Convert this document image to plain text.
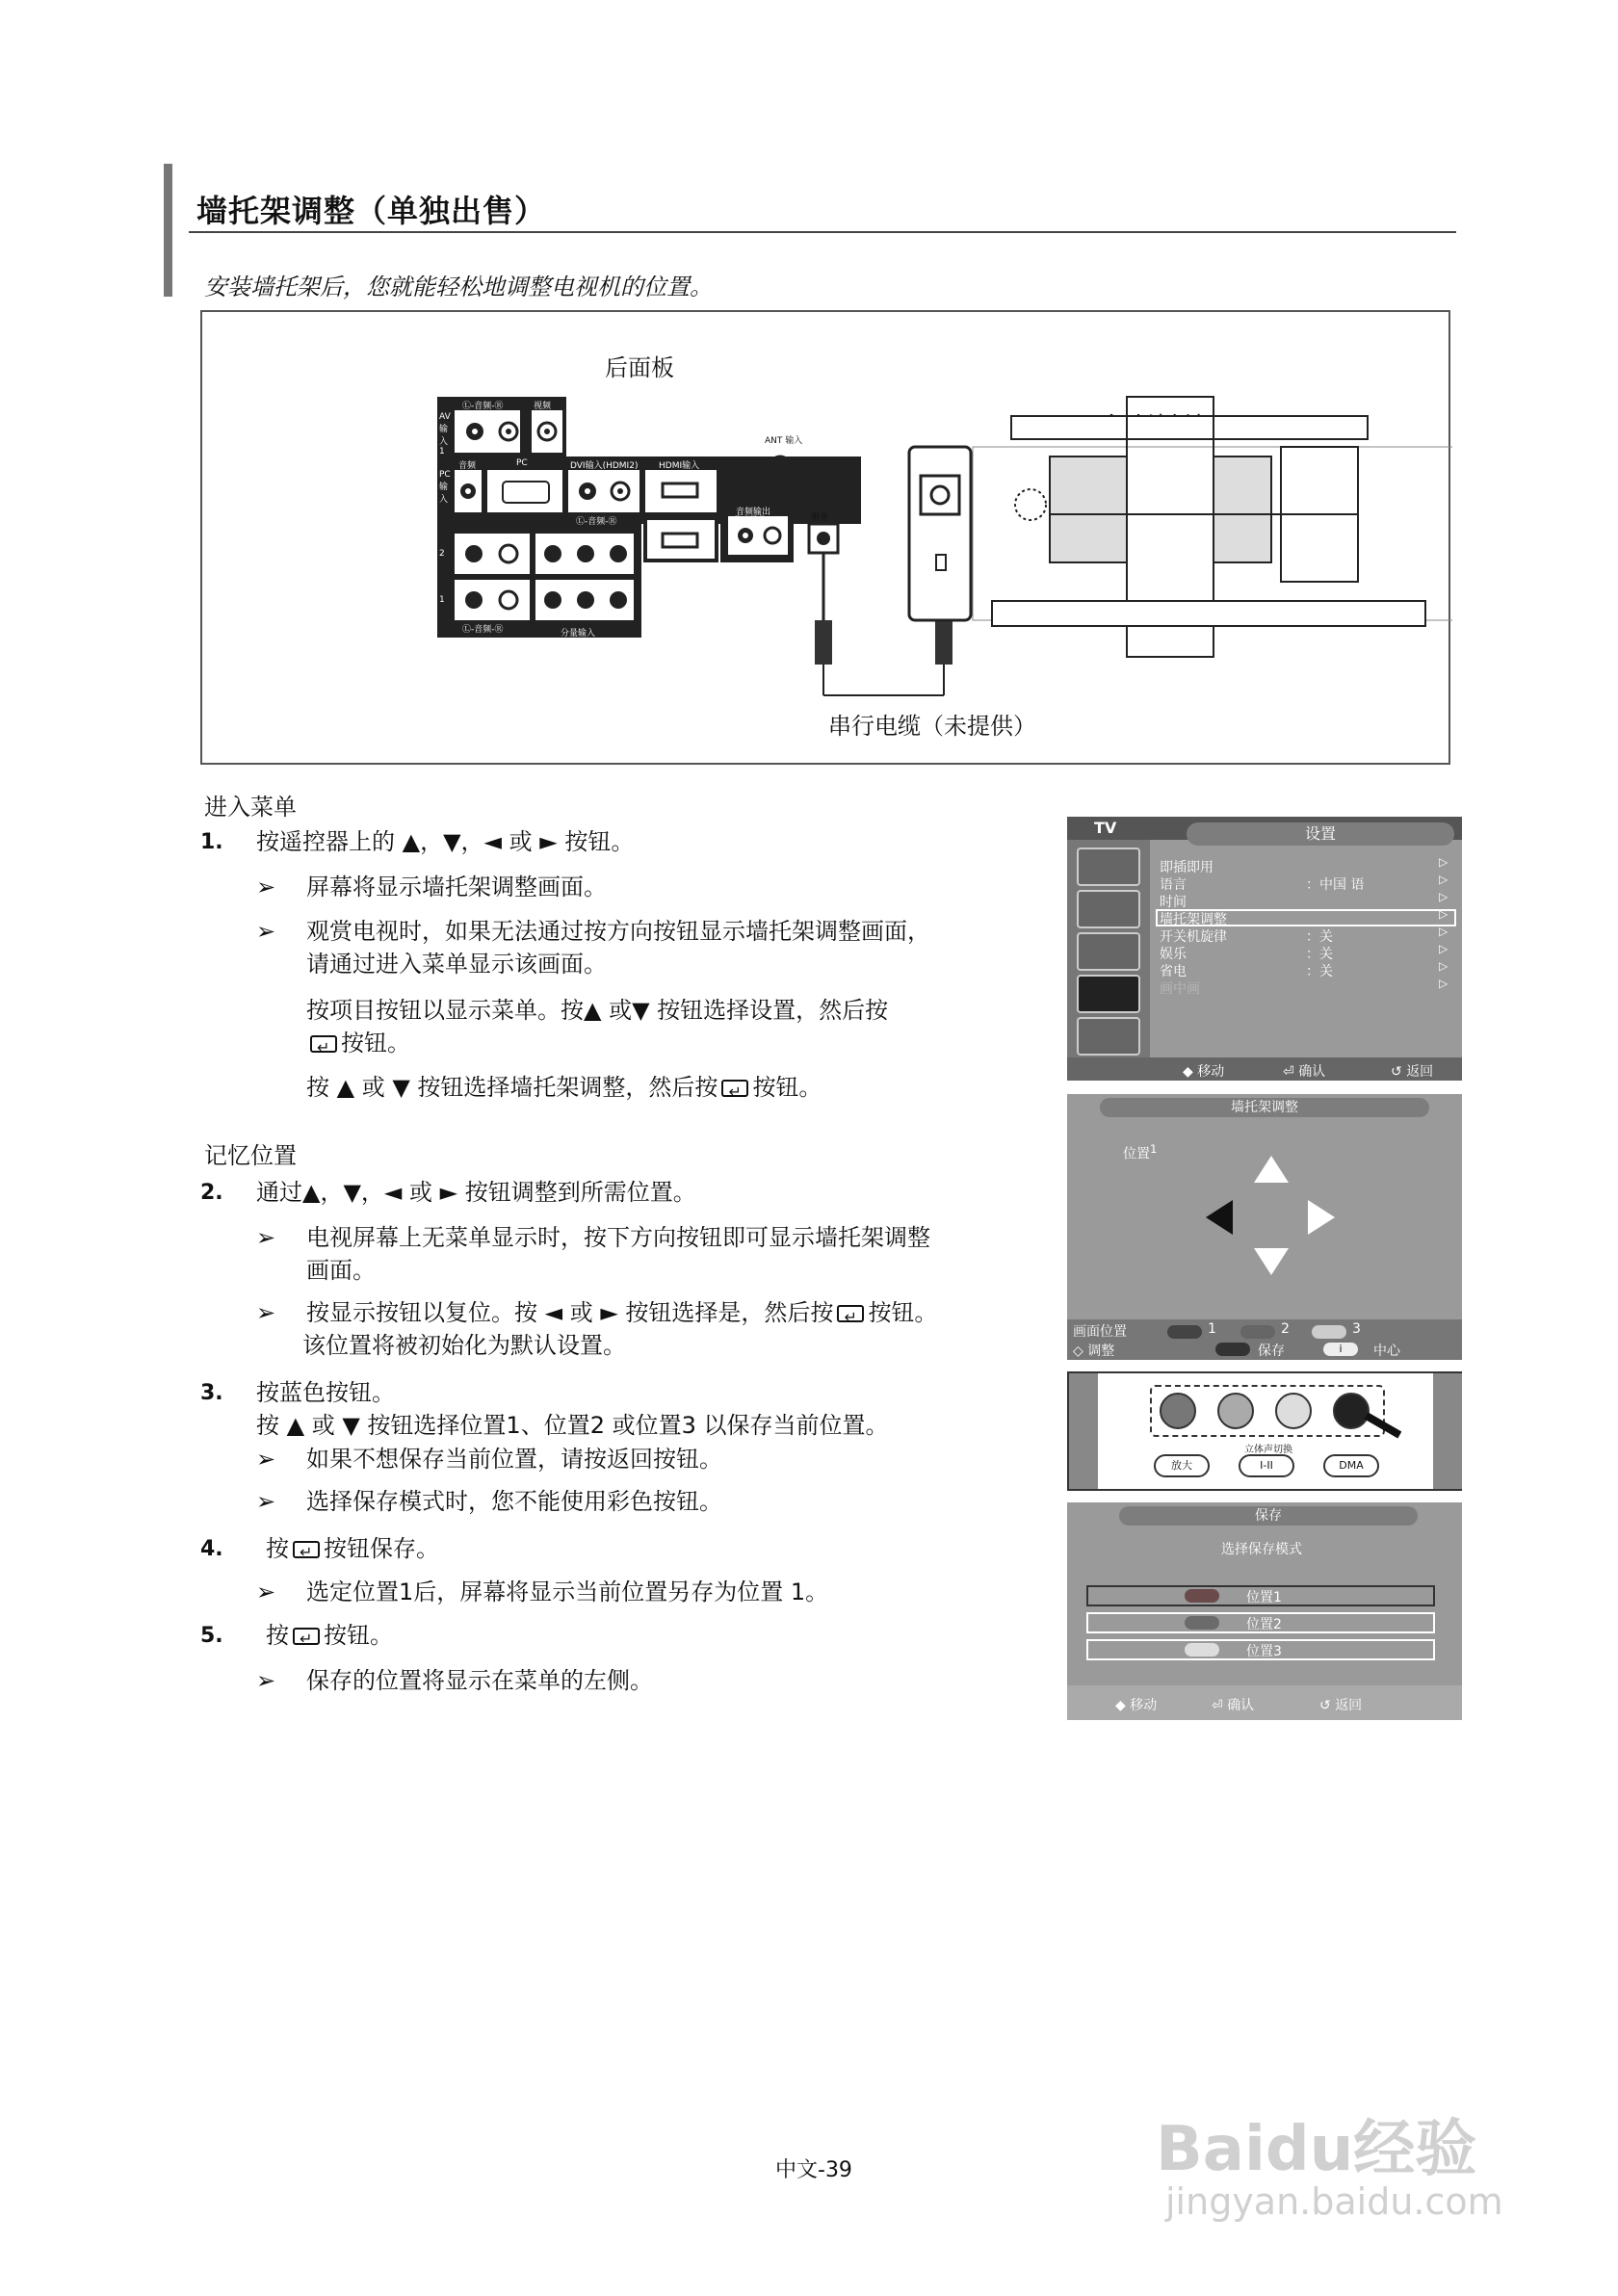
墙托架调整（单独出售）
安装墙托架后，您就能轻松地调整电视机的位置。
后面板
串行电缆（未提供）
Ⓛ-音频-Ⓡ	视频
AV 输入 1
音频	PC
PC 输入
DVI输入(HDMI2)
Ⓛ-音频-Ⓡ
HDMI输入
ANT 输入
音频输出
Ⓛ-音频-Ⓡ	服务
2
1
Ⓛ-音频-Ⓡ	分量输入
进入菜单
1. 按遥控器上的 ▲，▼，◄ 或 ► 按钮。
➢ 屏幕将显示墙托架调整画面。
➢ 观赏电视时，如果无法通过按方向按钮显示墙托架调整画面，
请通过进入菜单显示该画面。
按项目按钮以显示菜单。按▲ 或▼ 按钮选择设置，然后按
↵按钮。
按 ▲ 或 ▼ 按钮选择墙托架调整，然后按 ↵ 按钮。
记忆位置
2. 通过▲，▼，◄ 或 ► 按钮调整到所需位置。
➢ 电视屏幕上无菜单显示时，按下方向按钮即可显示墙托架调整
画面。
➢ 按显示按钮以复位。按 ◄ 或 ► 按钮选择是，然后按 ↵ 按钮。
该位置将被初始化为默认设置。
3. 按蓝色按钮。
按 ▲ 或 ▼ 按钮选择位置1、位置2 或位置3 以保存当前位置。
➢ 如果不想保存当前位置，请按返回按钮。
➢ 选择保存模式时，您不能使用彩色按钮。
4. 按 ↵ 按钮保存。
➢ 选定位置1后，屏幕将显示当前位置另存为位置 1。
5. 按 ↵ 按钮。
➢ 保存的位置将显示在菜单的左侧。
TV	设置
即插即用
语言	：中国 语
时间
墙托架调整
开关机旋律	：关
娱乐	：关
省电	：关
画中画
▷
▷
▷
▷
▷
▷
▷
▷
◆ 移动	⏎ 确认	↺ 返回
墙托架调整
位置$^1$
画面位置
◇ 调整
1	2	3
保存	i	中心
立体声切换
放大	I-II	DMA
保存
选择保存模式
位置1
位置2
位置3
◆ 移动	⏎ 确认	↺ 返回
中文-39	Baidu经验
jingyan.baidu.com
